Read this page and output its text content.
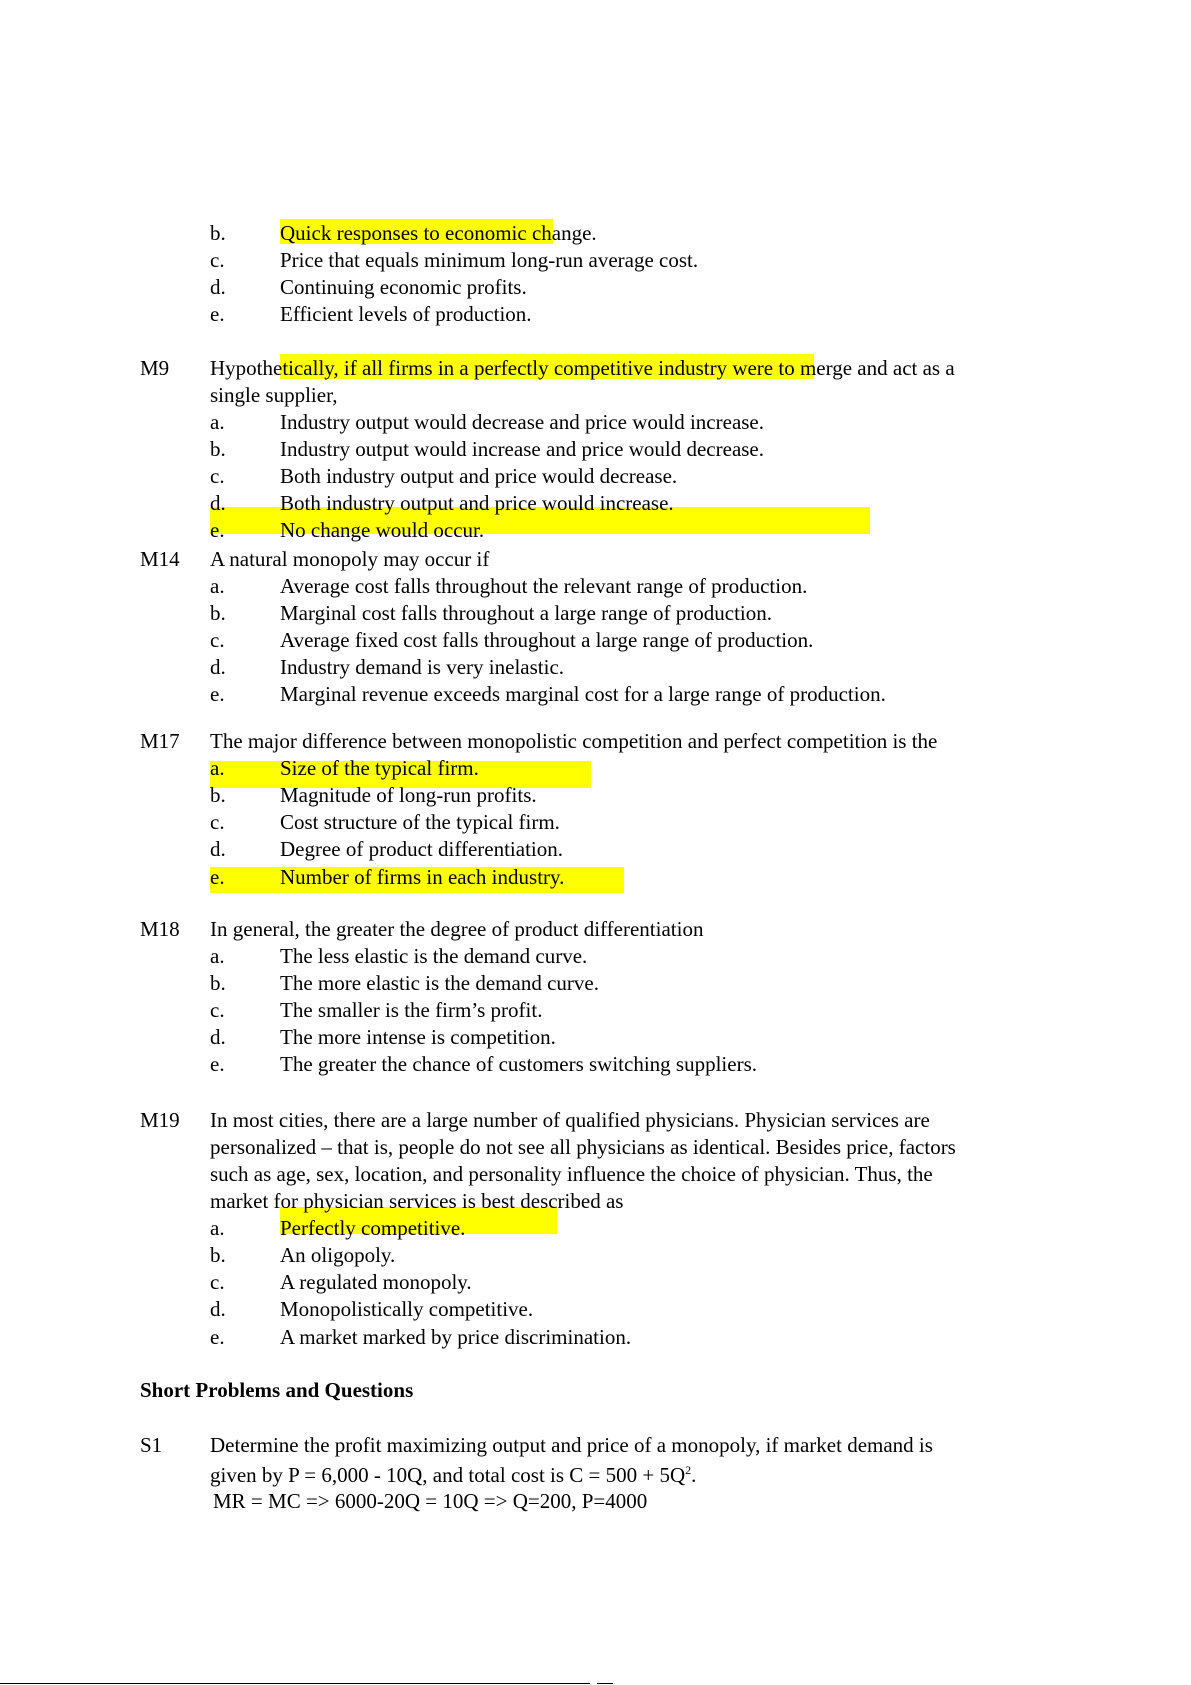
b.	Quick responses to economic change.
c.	Price that equals minimum long-run average cost.
d.	Continuing economic profits.
e.	Efficient levels of production.
M9 Hypothetically, if all firms in a perfectly competitive industry were to merge and act as a
single supplier,
a.	Industry output would decrease and price would increase.
b.	Industry output would increase and price would decrease.
c.	Both industry output and price would decrease.
d.	Both industry output and price would increase.
e.	No change would occur.
M14 A natural monopoly may occur if
a.	Average cost falls throughout the relevant range of production.
b.	Marginal cost falls throughout a large range of production.
c.	Average fixed cost falls throughout a large range of production.
d.	Industry demand is very inelastic.
e.	Marginal revenue exceeds marginal cost for a large range of production.
M17 The major difference between monopolistic competition and perfect competition is the
a.	Size of the typical firm.
b.	Magnitude of long-run profits.
c.	Cost structure of the typical firm.
d.	Degree of product differentiation.
e.	Number of firms in each industry.
M18 In general, the greater the degree of product differentiation
a.	The less elastic is the demand curve.
b.	The more elastic is the demand curve.
c.	The smaller is the firm’s profit.
d.	The more intense is competition.
e.	The greater the chance of customers switching suppliers.
M19 In most cities, there are a large number of qualified physicians. Physician services are
personalized – that is, people do not see all physicians as identical. Besides price, factors
such as age, sex, location, and personality influence the choice of physician. Thus, the
market for physician services is best described as
a.	Perfectly competitive.
b.	An oligopoly.
c.	A regulated monopoly.
d.	Monopolistically competitive.
e.	A market marked by price discrimination.
Short Problems and Questions
S1 Determine the profit maximizing output and price of a monopoly, if market demand is
given by P = 6,000 - 10Q, and total cost is $C = 500 + 5Q^2$.
MR = MC => 6000-20Q = 10Q => Q=200, P=4000
